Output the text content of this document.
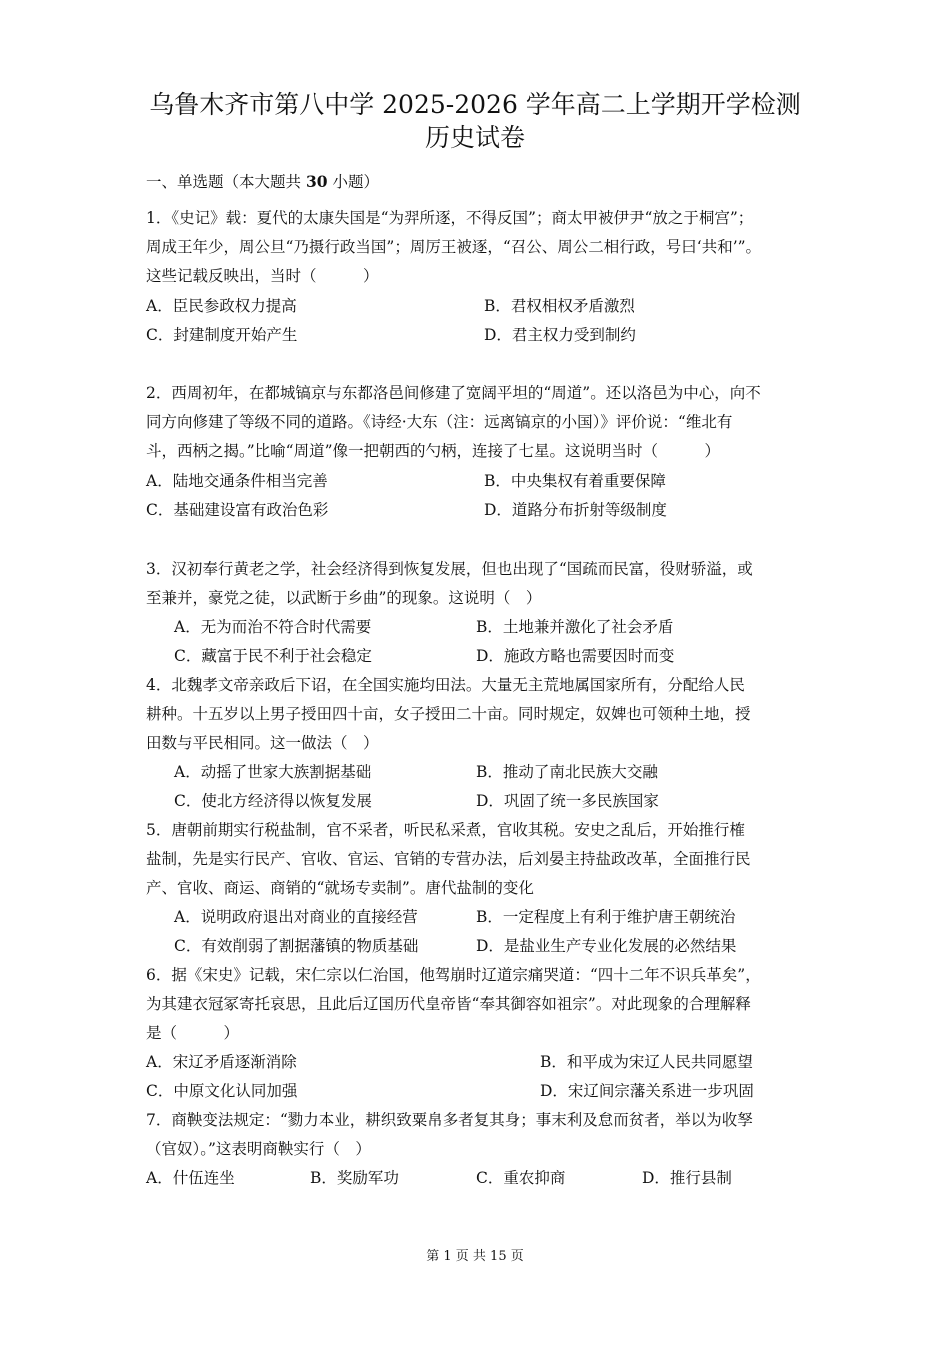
乌鲁木齐市第八中学 2025-2026 学年高二上学期开学检测
历史试卷
一、单选题（本大题共 30 小题）
1．《史记》载：夏代的太康失国是“为羿所逐，不得反国”；商太甲被伊尹“放之于桐宫”；
周成王年少，周公旦“乃摄行政当国”；周厉王被逐，“召公、周公二相行政，号曰‘共和’”。
这些记载反映出，当时（　　　）
A．臣民参政权力提高	B．君权相权矛盾激烈
C．封建制度开始产生	D．君主权力受到制约
2．西周初年，在都城镐京与东都洛邑间修建了宽阔平坦的“周道”。还以洛邑为中心，向不
同方向修建了等级不同的道路。《诗经·大东（注：远离镐京的小国）》评价说：“维北有
斗，西柄之揭。”比喻“周道”像一把朝西的勺柄，连接了七星。这说明当时（　　　）
A．陆地交通条件相当完善	B．中央集权有着重要保障
C．基础建设富有政治色彩	D．道路分布折射等级制度
3．汉初奉行黄老之学，社会经济得到恢复发展，但也出现了“国疏而民富，役财骄溢，或
至兼并，豪党之徒，以武断于乡曲”的现象。这说明（　）
A．无为而治不符合时代需要	B．土地兼并激化了社会矛盾
C．藏富于民不利于社会稳定	D．施政方略也需要因时而变
4．北魏孝文帝亲政后下诏，在全国实施均田法。大量无主荒地属国家所有，分配给人民
耕种。十五岁以上男子授田四十亩，女子授田二十亩。同时规定，奴婢也可领种土地，授
田数与平民相同。这一做法（　）
A．动摇了世家大族割据基础	B．推动了南北民族大交融
C．使北方经济得以恢复发展	D．巩固了统一多民族国家
5．唐朝前期实行税盐制，官不采者，听民私采煮，官收其税。安史之乱后，开始推行榷
盐制，先是实行民产、官收、官运、官销的专营办法，后刘晏主持盐政改革，全面推行民
产、官收、商运、商销的“就场专卖制”。唐代盐制的变化
A．说明政府退出对商业的直接经营	B．一定程度上有利于维护唐王朝统治
C．有效削弱了割据藩镇的物质基础	D．是盐业生产专业化发展的必然结果
6．据《宋史》记载，宋仁宗以仁治国，他驾崩时辽道宗痛哭道：“四十二年不识兵革矣”，
为其建衣冠冢寄托哀思，且此后辽国历代皇帝皆“奉其御容如祖宗”。对此现象的合理解释
是（　　　）
A．宋辽矛盾逐渐消除	B．和平成为宋辽人民共同愿望
C．中原文化认同加强	D．宋辽间宗藩关系进一步巩固
7．商鞅变法规定：“勠力本业，耕织致粟帛多者复其身；事末利及怠而贫者，举以为收孥
（官奴）。”这表明商鞅实行（　）
A．什伍连坐	B．奖励军功	C．重农抑商	D．推行县制
第 1 页 共 15 页
